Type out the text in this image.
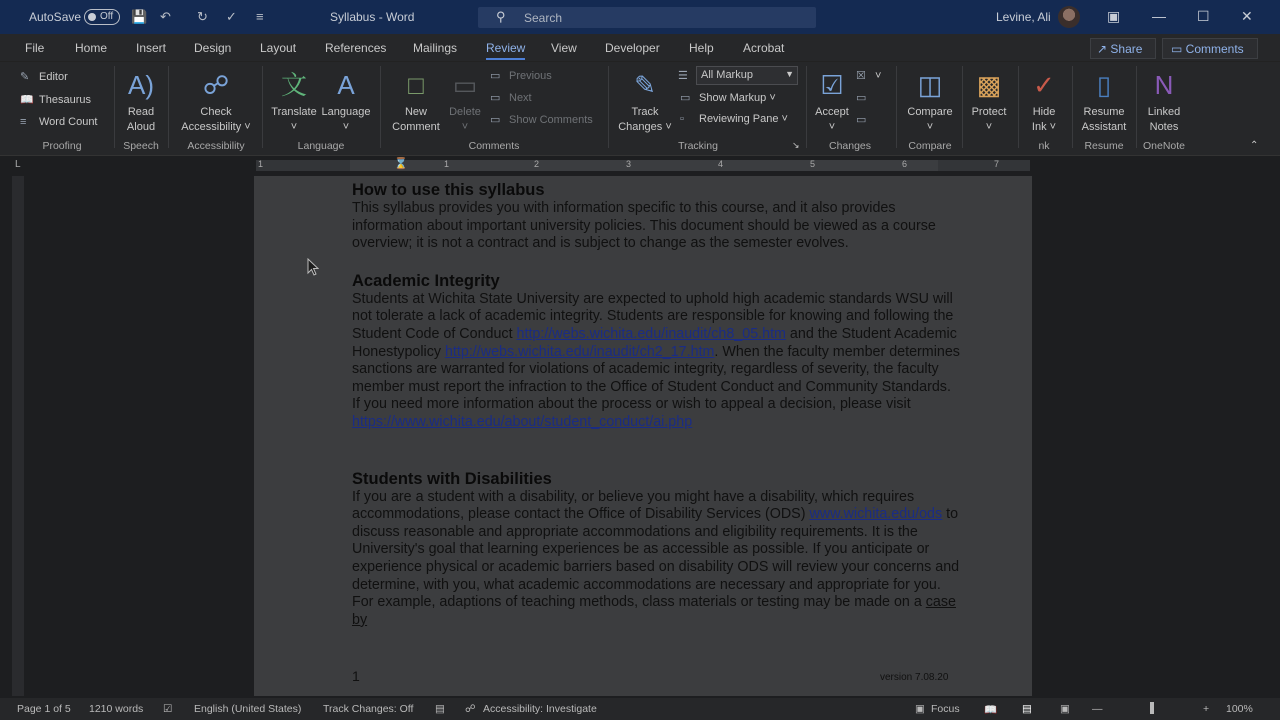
AutoSave Off 💾 ↶ ↻ ✓ ≡	Syllabus - Word	⚲ Search	Levine, Ali	▣ — ☐ ✕
File	Home Insert Design Layout References Mailings Review View Developer Help Acrobat	↗ Share	▭ Comments
✎ Editor
📖 Thesaurus
≡ Word Count
Proofing
A)
Read
Aloud
Speech
☍
Check
Accessibility ˅
Accessibility
文
Translate
˅
A
Language
˅
Language
□
New
Comment
▭
Delete
˅
▭ Previous
▭ Next
▭ Show Comments
Comments
✎
Track
Changes ˅
☰	All Markup	▼
▭ Show Markup ˅
▫ Reviewing Pane ˅
Tracking	↘
☑
Accept
˅
☒ ˅
▭
▭
Changes
◫
Compare
˅
Compare
▩
Protect
˅
✓
Hide
Ink ˅
nk
▯
Resume
Assistant
Resume
N
Linked
Notes
OneNote	⌃
L	1	1	2	3	4	5	6	7
⌛
How to use this syllabus

This syllabus provides you with information specific to this course, and it also provides information about important university policies. This document should be viewed as a course overview; it is not a contract and is subject to change as the semester evolves.

Academic Integrity

Students at Wichita State University are expected to uphold high academic standards WSU will not tolerate a lack of academic integrity. Students are responsible for knowing and following the Student Code of Conduct http://webs.wichita.edu/inaudit/ch8_05.htm and the Student Academic Honestypolicy http://webs.wichita.edu/inaudit/ch2_17.htm. When the faculty member determines sanctions are warranted for violations of academic integrity, regardless of severity, the faculty member must report the infraction to the Office of Student Conduct and Community Standards. If you need more information about the process or wish to appeal a decision, please visit
https://www.wichita.edu/about/student_conduct/ai.php

Students with Disabilities

If you are a student with a disability, or believe you might have a disability, which requires accommodations, please contact the Office of Disability Services (ODS) www.wichita.edu/ods to discuss reasonable and appropriate accommodations and eligibility requirements. It is the University's goal that learning experiences be as accessible as possible. If you anticipate or experience physical or academic barriers based on disability ODS will review your concerns and determine, with you, what academic accommodations are necessary and appropriate for you. For example, adaptions of teaching methods, class materials or testing may be made on a case by

1	version 7.08.20
Page 1 of 5 1210 words ☑ English (United States) Track Changes: Off ▤ ☍ Accessibility: Investigate	▣ Focus 📖 ▤	▣ —	+ 100%
